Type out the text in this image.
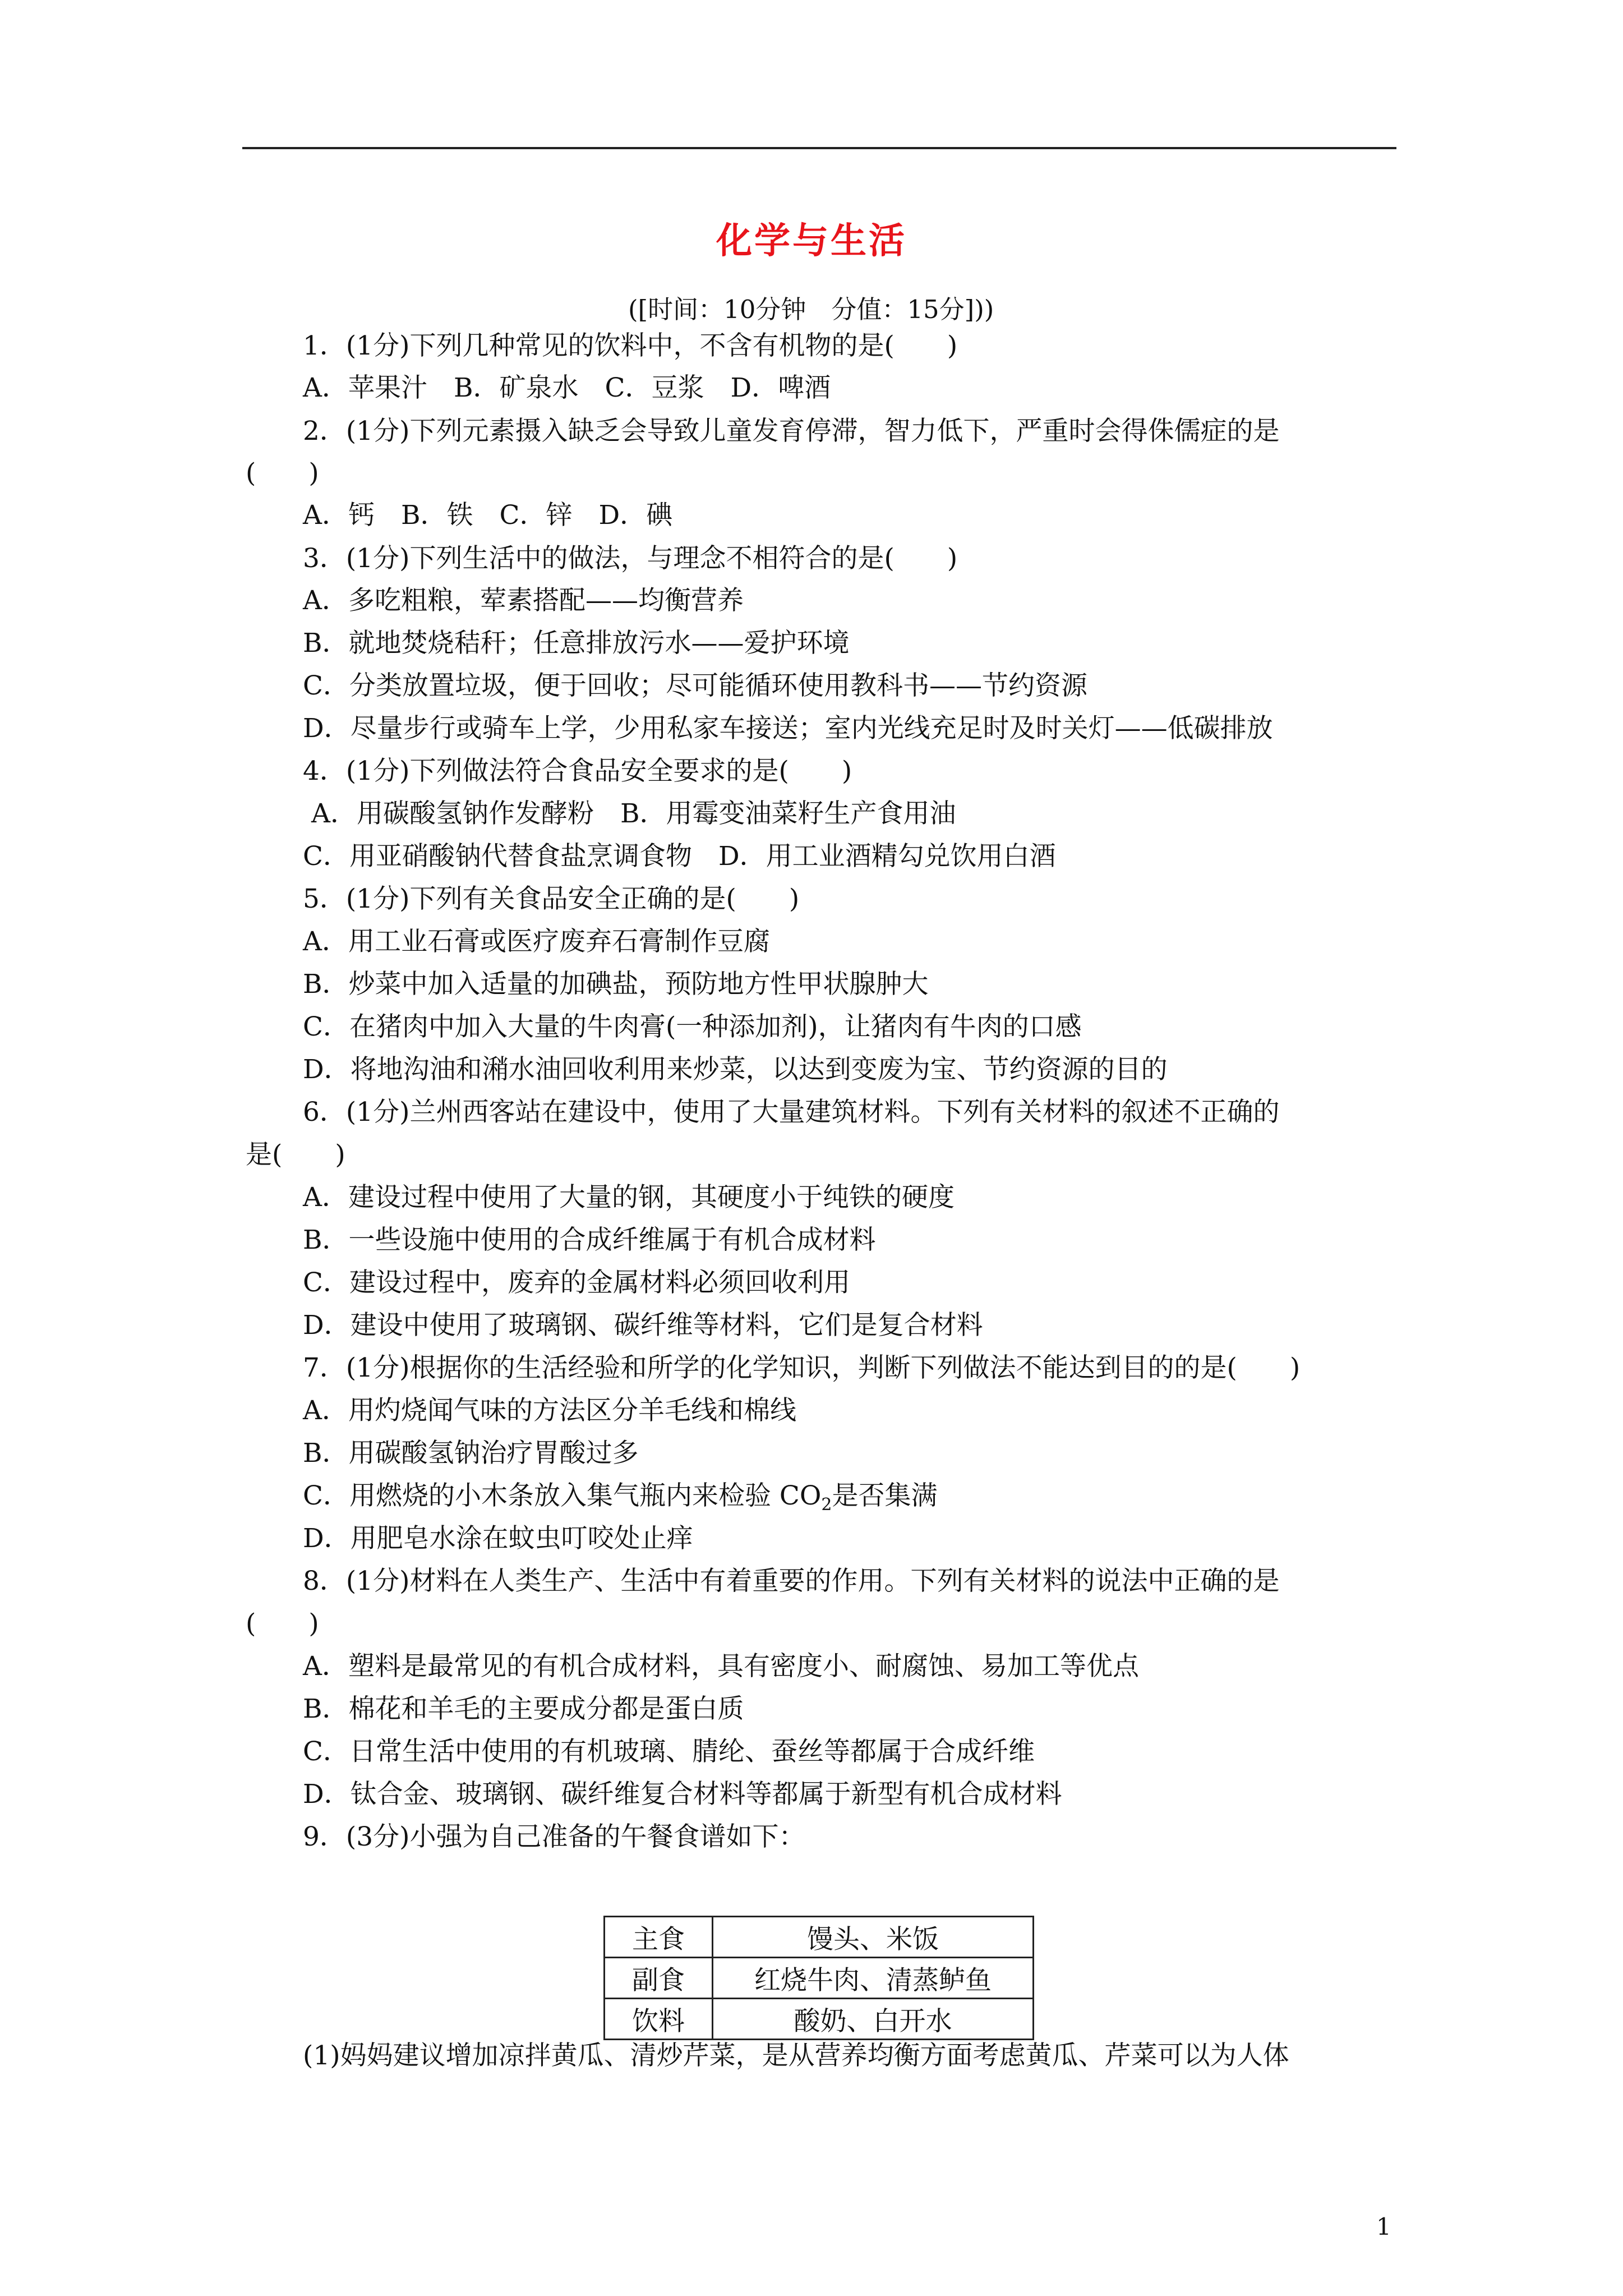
化学与生活
([时间：10分钟　分值：15分]))
1．(1分)下列几种常见的饮料中，不含有机物的是(　　)
A．苹果汁　B．矿泉水　C．豆浆　D．啤酒
2．(1分)下列元素摄入缺乏会导致儿童发育停滞，智力低下，严重时会得侏儒症的是
(　　)
A．钙　B．铁　C．锌　D．碘
3．(1分)下列生活中的做法，与理念不相符合的是(　　)
A．多吃粗粮，荤素搭配——均衡营养
B．就地焚烧秸秆；任意排放污水——爱护环境
C．分类放置垃圾，便于回收；尽可能循环使用教科书——节约资源
D．尽量步行或骑车上学，少用私家车接送；室内光线充足时及时关灯——低碳排放
4．(1分)下列做法符合食品安全要求的是(　　)
A．用碳酸氢钠作发酵粉　B．用霉变油菜籽生产食用油
C．用亚硝酸钠代替食盐烹调食物　D．用工业酒精勾兑饮用白酒
5．(1分)下列有关食品安全正确的是(　　)
A．用工业石膏或医疗废弃石膏制作豆腐
B．炒菜中加入适量的加碘盐，预防地方性甲状腺肿大
C．在猪肉中加入大量的牛肉膏(一种添加剂)，让猪肉有牛肉的口感
D．将地沟油和潲水油回收利用来炒菜，以达到变废为宝、节约资源的目的
6．(1分)兰州西客站在建设中，使用了大量建筑材料。下列有关材料的叙述不正确的
是(　　)
A．建设过程中使用了大量的钢，其硬度小于纯铁的硬度
B．一些设施中使用的合成纤维属于有机合成材料
C．建设过程中，废弃的金属材料必须回收利用
D．建设中使用了玻璃钢、碳纤维等材料，它们是复合材料
7．(1分)根据你的生活经验和所学的化学知识，判断下列做法不能达到目的的是(　　)
A．用灼烧闻气味的方法区分羊毛线和棉线
B．用碳酸氢钠治疗胃酸过多
C．用燃烧的小木条放入集气瓶内来检验 $CO_2$是否集满
D．用肥皂水涂在蚊虫叮咬处止痒
8．(1分)材料在人类生产、生活中有着重要的作用。下列有关材料的说法中正确的是
(　　)
A．塑料是最常见的有机合成材料，具有密度小、耐腐蚀、易加工等优点
B．棉花和羊毛的主要成分都是蛋白质
C．日常生活中使用的有机玻璃、腈纶、蚕丝等都属于合成纤维
D．钛合金、玻璃钢、碳纤维复合材料等都属于新型有机合成材料
9．(3分)小强为自己准备的午餐食谱如下：
主食	馒头、米饭
副食	红烧牛肉、清蒸鲈鱼
饮料	酸奶、白开水
(1)妈妈建议增加凉拌黄瓜、清炒芹菜，是从营养均衡方面考虑黄瓜、芹菜可以为人体
1
